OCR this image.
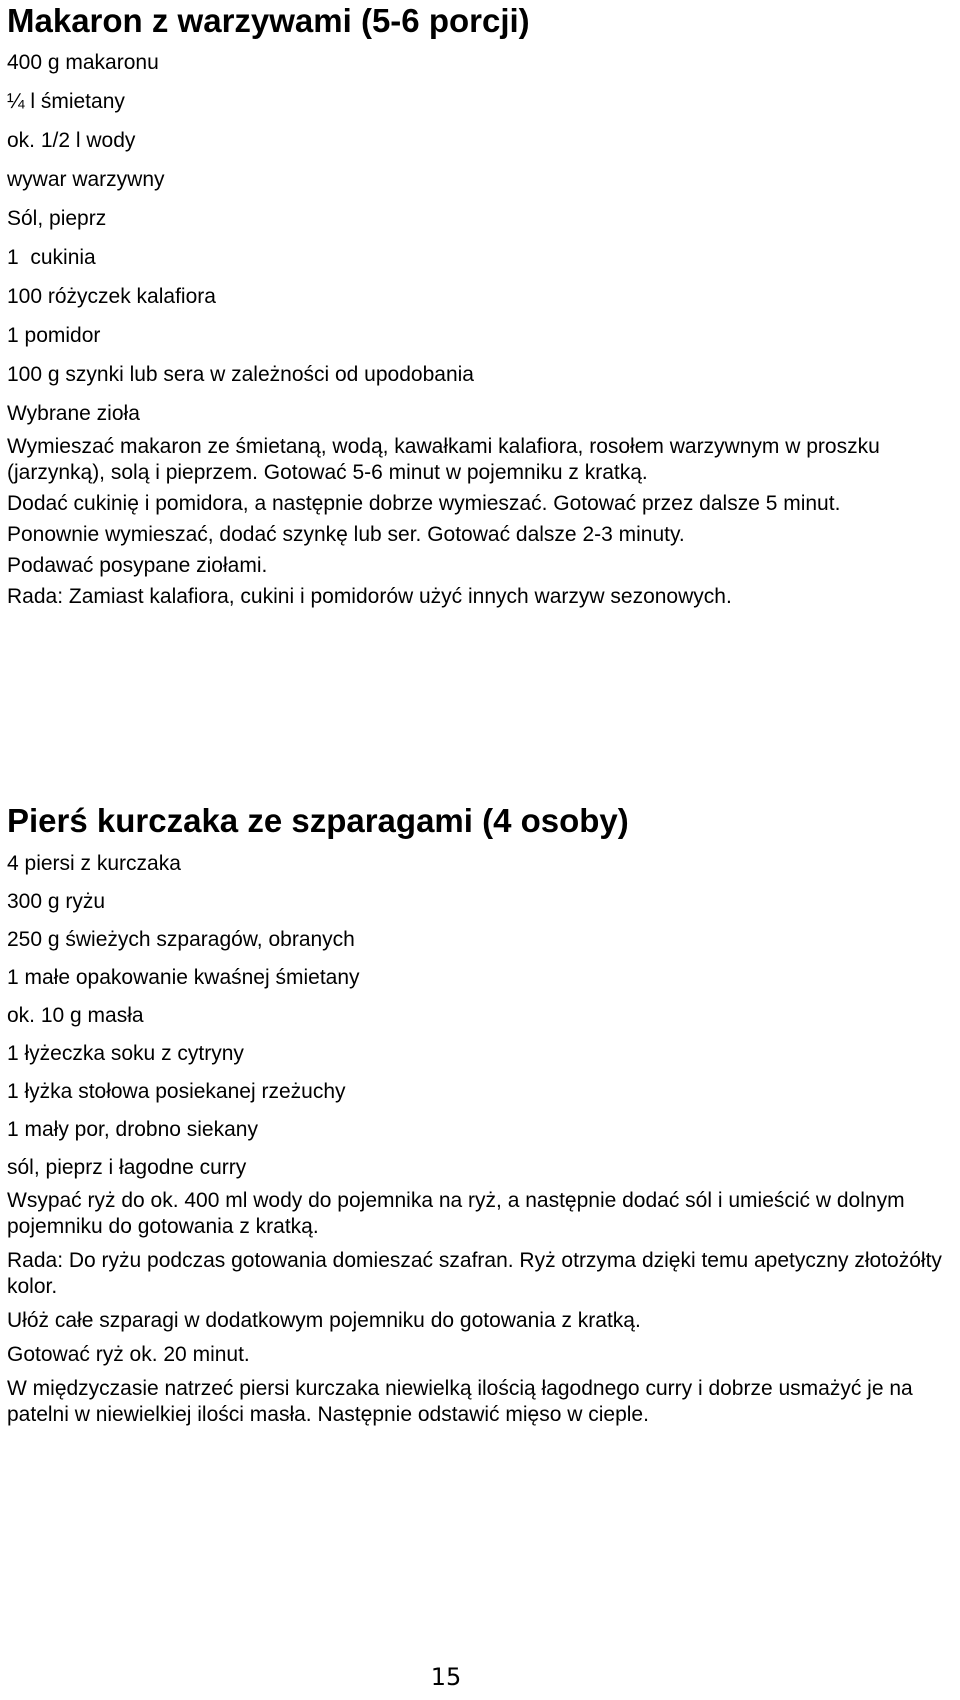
Makaron z warzywami (5-6 porcji)
400 g makaronu
¼ l śmietany
ok. 1/2 l wody
wywar warzywny
Sól, pieprz
1  cukinia
100 różyczek kalafiora
1 pomidor
100 g szynki lub sera w zależności od upodobania
Wybrane zioła

Wymieszać makaron ze śmietaną, wodą, kawałkami kalafiora, rosołem warzywnym w proszku (jarzynką), solą i pieprzem. Gotować 5-6 minut w pojemniku z kratką.

Dodać cukinię i pomidora, a następnie dobrze wymieszać. Gotować przez dalsze 5 minut.

Ponownie wymieszać, dodać szynkę lub ser. Gotować dalsze 2-3 minuty.

Podawać posypane ziołami.

Rada: Zamiast kalafiora, cukini i pomidorów użyć innych warzyw sezonowych.

Pierś kurczaka ze szparagami (4 osoby)
4 piersi z kurczaka
300 g ryżu
250 g świeżych szparagów, obranych
1 małe opakowanie kwaśnej śmietany
ok. 10 g masła
1 łyżeczka soku z cytryny
1 łyżka stołowa posiekanej rzeżuchy
1 mały por, drobno siekany
sól, pieprz i łagodne curry

Wsypać ryż do ok. 400 ml wody do pojemnika na ryż, a następnie dodać sól i umieścić w dolnym pojemniku do gotowania z kratką.

Rada: Do ryżu podczas gotowania domieszać szafran. Ryż otrzyma dzięki temu apetyczny złotożółty kolor.

Ułóż całe szparagi w dodatkowym pojemniku do gotowania z kratką.

Gotować ryż ok. 20 minut.

W międzyczasie natrzeć piersi kurczaka niewielką ilością łagodnego curry i dobrze usmażyć je na patelni w niewielkiej ilości masła. Następnie odstawić mięso w cieple.

15
